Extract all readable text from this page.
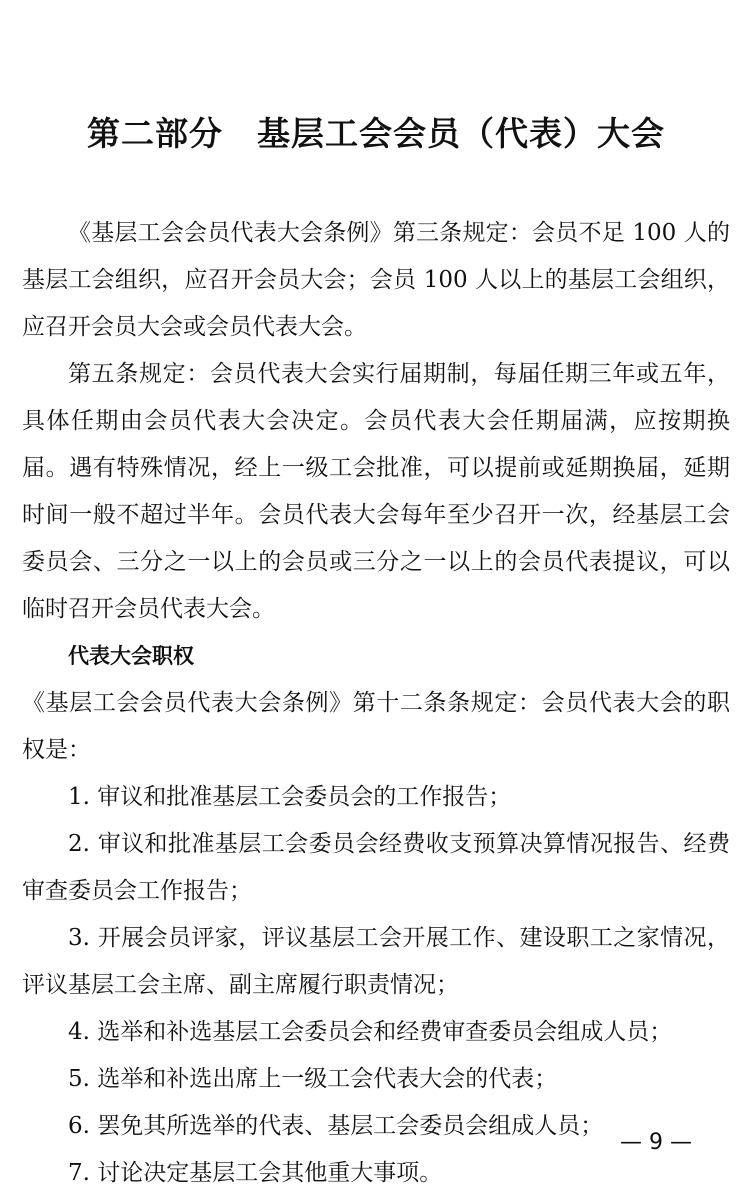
第二部分　基层工会会员（代表）大会

《基层工会会员代表大会条例》第三条规定：会员不足 100 人的基层工会组织，应召开会员大会；会员 100 人以上的基层工会组织，应召开会员大会或会员代表大会。

第五条规定：会员代表大会实行届期制，每届任期三年或五年，具体任期由会员代表大会决定。会员代表大会任期届满，应按期换届。遇有特殊情况，经上一级工会批准，可以提前或延期换届，延期时间一般不超过半年。会员代表大会每年至少召开一次，经基层工会委员会、三分之一以上的会员或三分之一以上的会员代表提议，可以临时召开会员代表大会。

代表大会职权

《基层工会会员代表大会条例》第十二条条规定：会员代表大会的职权是：

1. 审议和批准基层工会委员会的工作报告；

2. 审议和批准基层工会委员会经费收支预算决算情况报告、经费审查委员会工作报告；

3. 开展会员评家，评议基层工会开展工作、建设职工之家情况，评议基层工会主席、副主席履行职责情况；

4. 选举和补选基层工会委员会和经费审查委员会组成人员；

5. 选举和补选出席上一级工会代表大会的代表；

6. 罢免其所选举的代表、基层工会委员会组成人员；

7. 讨论决定基层工会其他重大事项。

— 9 —
